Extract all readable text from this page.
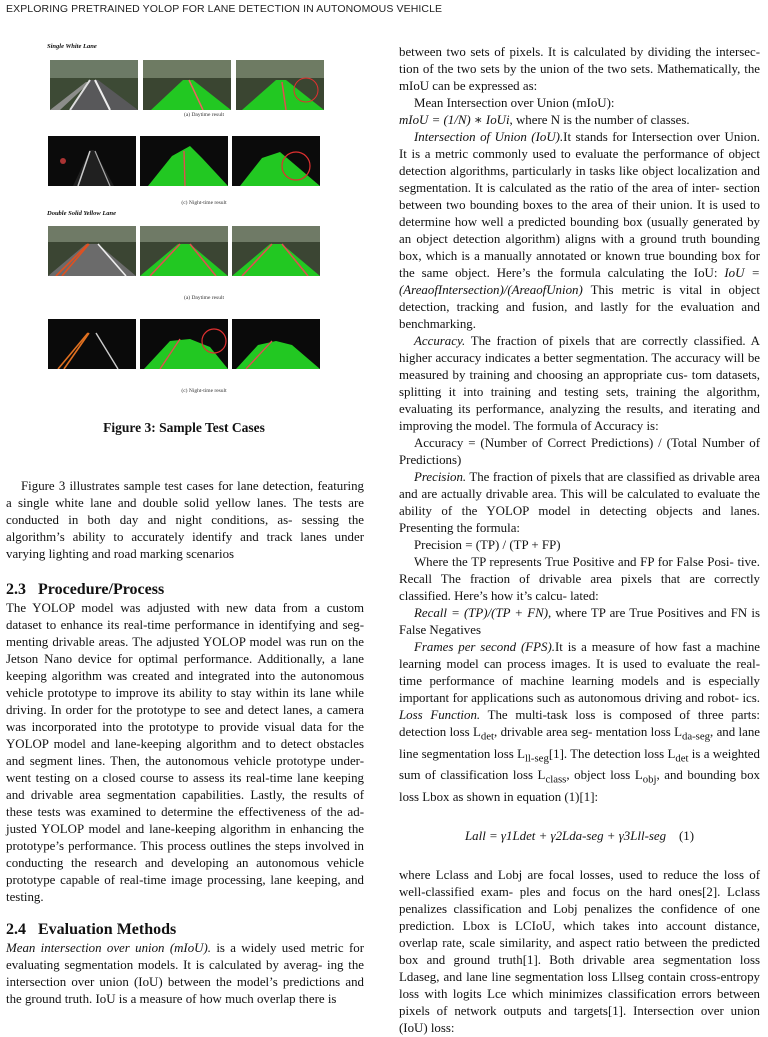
EXPLORING PRETRAINED YOLOP FOR LANE DETECTION IN AUTONOMOUS VEHICLE
Single White Lane
(a) Daytime result
(c) Night-time result
Double Solid Yellow Lane
(a) Daytime result
(c) Night-time result
Figure 3: Sample Test Cases

Figure 3 illustrates sample test cases for lane detection, featuring a single white lane and double solid yellow lanes. The tests are conducted in both day and night conditions, as- sessing the algorithm’s ability to accurately identify and track lanes under varying lighting and road marking scenarios

2.3 Procedure/Process

The YOLOP model was adjusted with new data from a custom dataset to enhance its real-time performance in identifying and seg- menting drivable areas. The adjusted YOLOP model was run on the Jetson Nano device for optimal performance. Additionally, a lane keeping algorithm was created and integrated into the autonomous vehicle prototype to improve its ability to stay within its lane while driving. In order for the prototype to see and detect lanes, a camera was incorporated into the prototype to provide visual data for the YOLOP model and lane-keeping algorithm and to detect obstacles and segment lines. Then, the autonomous vehicle prototype under- went testing on a closed course to assess its real-time lane keeping and drivable area segmentation capabilities. Lastly, the results of these tests was examined to determine the effectiveness of the ad- justed YOLOP model and lane-keeping algorithm in enhancing the prototype’s performance. This process outlines the steps involved in conducting the research and developing an autonomous vehicle prototype capable of real-time image processing, lane keeping, and testing.

2.4 Evaluation Methods

Mean intersection over union (mIoU). is a widely used metric for evaluating segmentation models. It is calculated by averag- ing the intersection over union (IoU) between the model’s predictions and the ground truth. IoU is a measure of how much overlap there is

between two sets of pixels. It is calculated by dividing the intersec- tion of the two sets by the union of the two sets. Mathematically, the mIoU can be expressed as:

Mean Intersection over Union (mIoU):

mIoU = (1/N) ∗ IoUi, where N is the number of classes.

Intersection of Union (IoU).It stands for Intersection over Union. It is a metric commonly used to evaluate the performance of object detection algorithms, particularly in tasks like object localization and segmentation. It is calculated as the ratio of the area of inter- section between two bounding boxes to the area of their union. It is used to determine how well a predicted bounding box (usually generated by an object detection algorithm) aligns with a ground truth bounding box, which is a manually annotated or known true bounding box for the same object. Here’s the formula calculating the IoU: IoU = (AreaofIntersection)/(AreaofUnion) This metric is vital in object detection, tracking and fusion, and lastly for the evaluation and benchmarking.

Accuracy. The fraction of pixels that are correctly classified. A higher accuracy indicates a better segmentation. The accuracy will be measured by training and choosing an appropriate cus- tom datasets, splitting it into training and testing sets, training the algorithm, evaluating its performance, analyzing the results, and iterating and improving the model. The formula of Accuracy is:

Accuracy = (Number of Correct Predictions) / (Total Number of Predictions)

Precision. The fraction of pixels that are classified as drivable area and are actually drivable area. This will be calculated to evaluate the ability of the YOLOP model in detecting objects and lanes. Presenting the formula:

Precision = (TP) / (TP + FP)

Where the TP represents True Positive and FP for False Posi- tive. Recall The fraction of drivable area pixels that are correctly classified. Here’s how it’s calcu- lated:

Recall = (TP)/(TP + FN), where TP are True Positives and FN is False Negatives

Frames per second (FPS).It is a measure of how fast a machine learning model can process images. It is used to evaluate the real- time performance of machine learning models and is especially important for applications such as autonomous driving and robot- ics. Loss Function. The multi-task loss is composed of three parts: detection loss $L_{det}$, drivable area seg- mentation loss $L_{da-seg}$, and lane line segmentation loss $L_{ll-seg}[1]$. The detection loss $L_{det}$ is a weighted sum of classification loss $L_{class}$, object loss $L_{obj}$, and bounding box loss Lbox as shown in equation (1)[1]:

Lall = γ1Ldet + γ2Lda-seg + γ3Lll-seg (1)

where Lclass and Lobj are focal losses, used to reduce the loss of well-classified exam- ples and focus on the hard ones[2]. Lclass penalizes classification and Lobj penalizes the confidence of one prediction. Lbox is LCIoU, which takes into account distance, overlap rate, scale similarity, and aspect ratio between the predicted box and ground truth[1]. Both drivable area segmentation loss Ldaseg, and lane line segmentation loss Lllseg contain cross-entropy loss with logits Lce which minimizes classification errors between pixels of network outputs and targets[1]. Intersection over union (IoU) loss:
